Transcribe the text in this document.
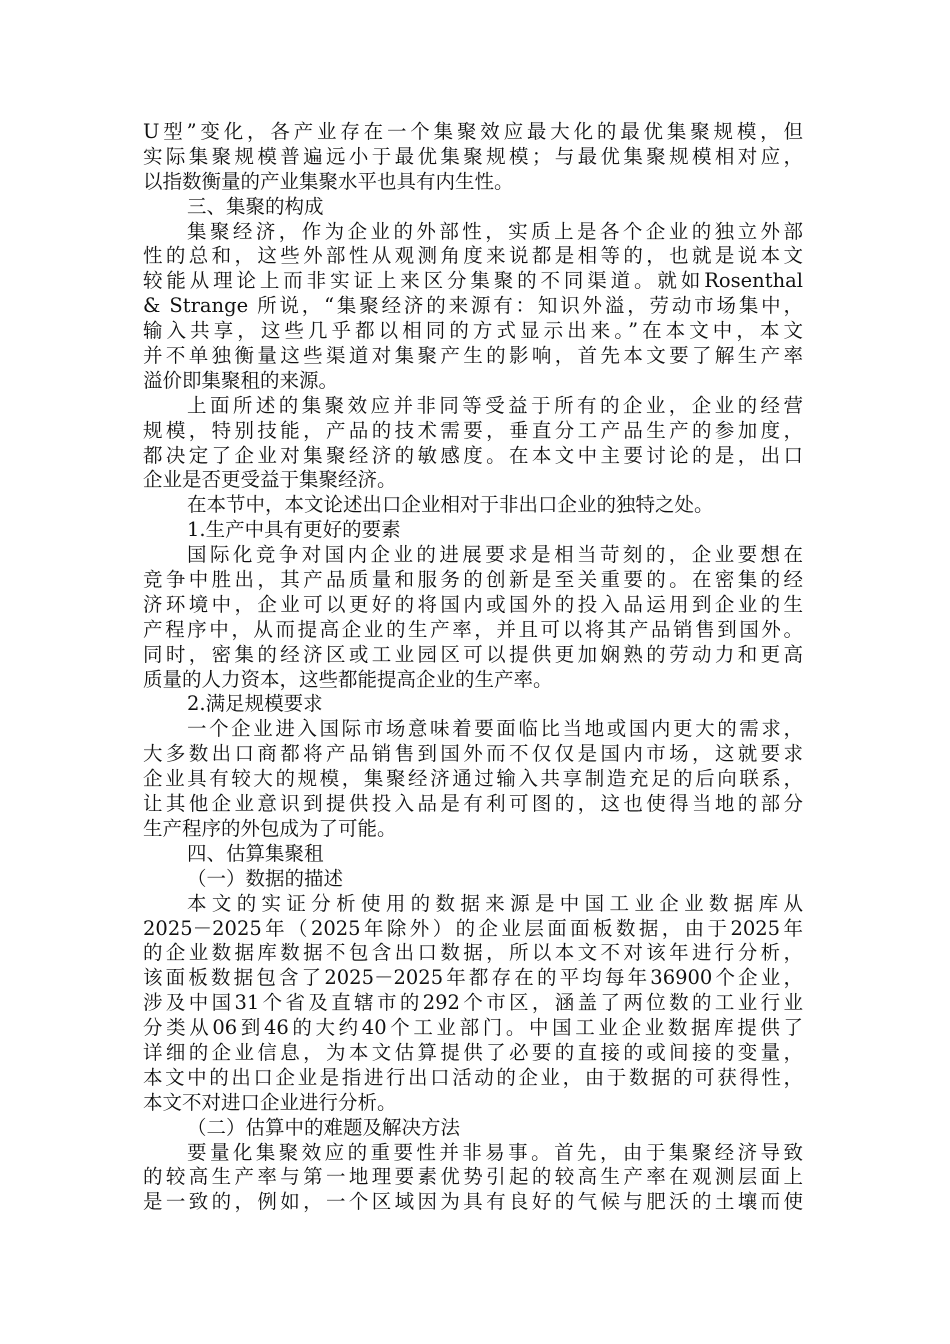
U型”变化，各产业存在一个集聚效应最大化的最优集聚规模，但
实际集聚规模普遍远小于最优集聚规模；与最优集聚规模相对应，
以指数衡量的产业集聚水平也具有内生性。
三、集聚的构成
集聚经济，作为企业的外部性，实质上是各个企业的独立外部
性的总和，这些外部性从观测角度来说都是相等的，也就是说本文
较能从理论上而非实证上来区分集聚的不同渠道。就如Rosenthal
& Strange 所说，“集聚经济的来源有：知识外溢，劳动市场集中，
输入共享，这些几乎都以相同的方式显示出来。”在本文中，本文
并不单独衡量这些渠道对集聚产生的影响，首先本文要了解生产率
溢价即集聚租的来源。
上面所述的集聚效应并非同等受益于所有的企业，企业的经营
规模，特别技能，产品的技术需要，垂直分工产品生产的参加度，
都决定了企业对集聚经济的敏感度。在本文中主要讨论的是，出口
企业是否更受益于集聚经济。
在本节中，本文论述出口企业相对于非出口企业的独特之处。
1.生产中具有更好的要素
国际化竞争对国内企业的进展要求是相当苛刻的，企业要想在
竞争中胜出，其产品质量和服务的创新是至关重要的。在密集的经
济环境中，企业可以更好的将国内或国外的投入品运用到企业的生
产程序中，从而提高企业的生产率，并且可以将其产品销售到国外。
同时，密集的经济区或工业园区可以提供更加娴熟的劳动力和更高
质量的人力资本，这些都能提高企业的生产率。
2.满足规模要求
一个企业进入国际市场意味着要面临比当地或国内更大的需求，
大多数出口商都将产品销售到国外而不仅仅是国内市场，这就要求
企业具有较大的规模，集聚经济通过输入共享制造充足的后向联系，
让其他企业意识到提供投入品是有利可图的，这也使得当地的部分
生产程序的外包成为了可能。
四、估算集聚租
（一）数据的描述
本文的实证分析使用的数据来源是中国工业企业数据库从
2025－2025年（2025年除外）的企业层面面板数据，由于2025年
的企业数据库数据不包含出口数据，所以本文不对该年进行分析，
该面板数据包含了2025－2025年都存在的平均每年36900个企业，
涉及中国31个省及直辖市的292个市区，涵盖了两位数的工业行业
分类从06到46的大约40个工业部门。中国工业企业数据库提供了
详细的企业信息，为本文估算提供了必要的直接的或间接的变量，
本文中的出口企业是指进行出口活动的企业，由于数据的可获得性，
本文不对进口企业进行分析。
（二）估算中的难题及解决方法
要量化集聚效应的重要性并非易事。首先，由于集聚经济导致
的较高生产率与第一地理要素优势引起的较高生产率在观测层面上
是一致的，例如，一个区域因为具有良好的气候与肥沃的土壤而使
